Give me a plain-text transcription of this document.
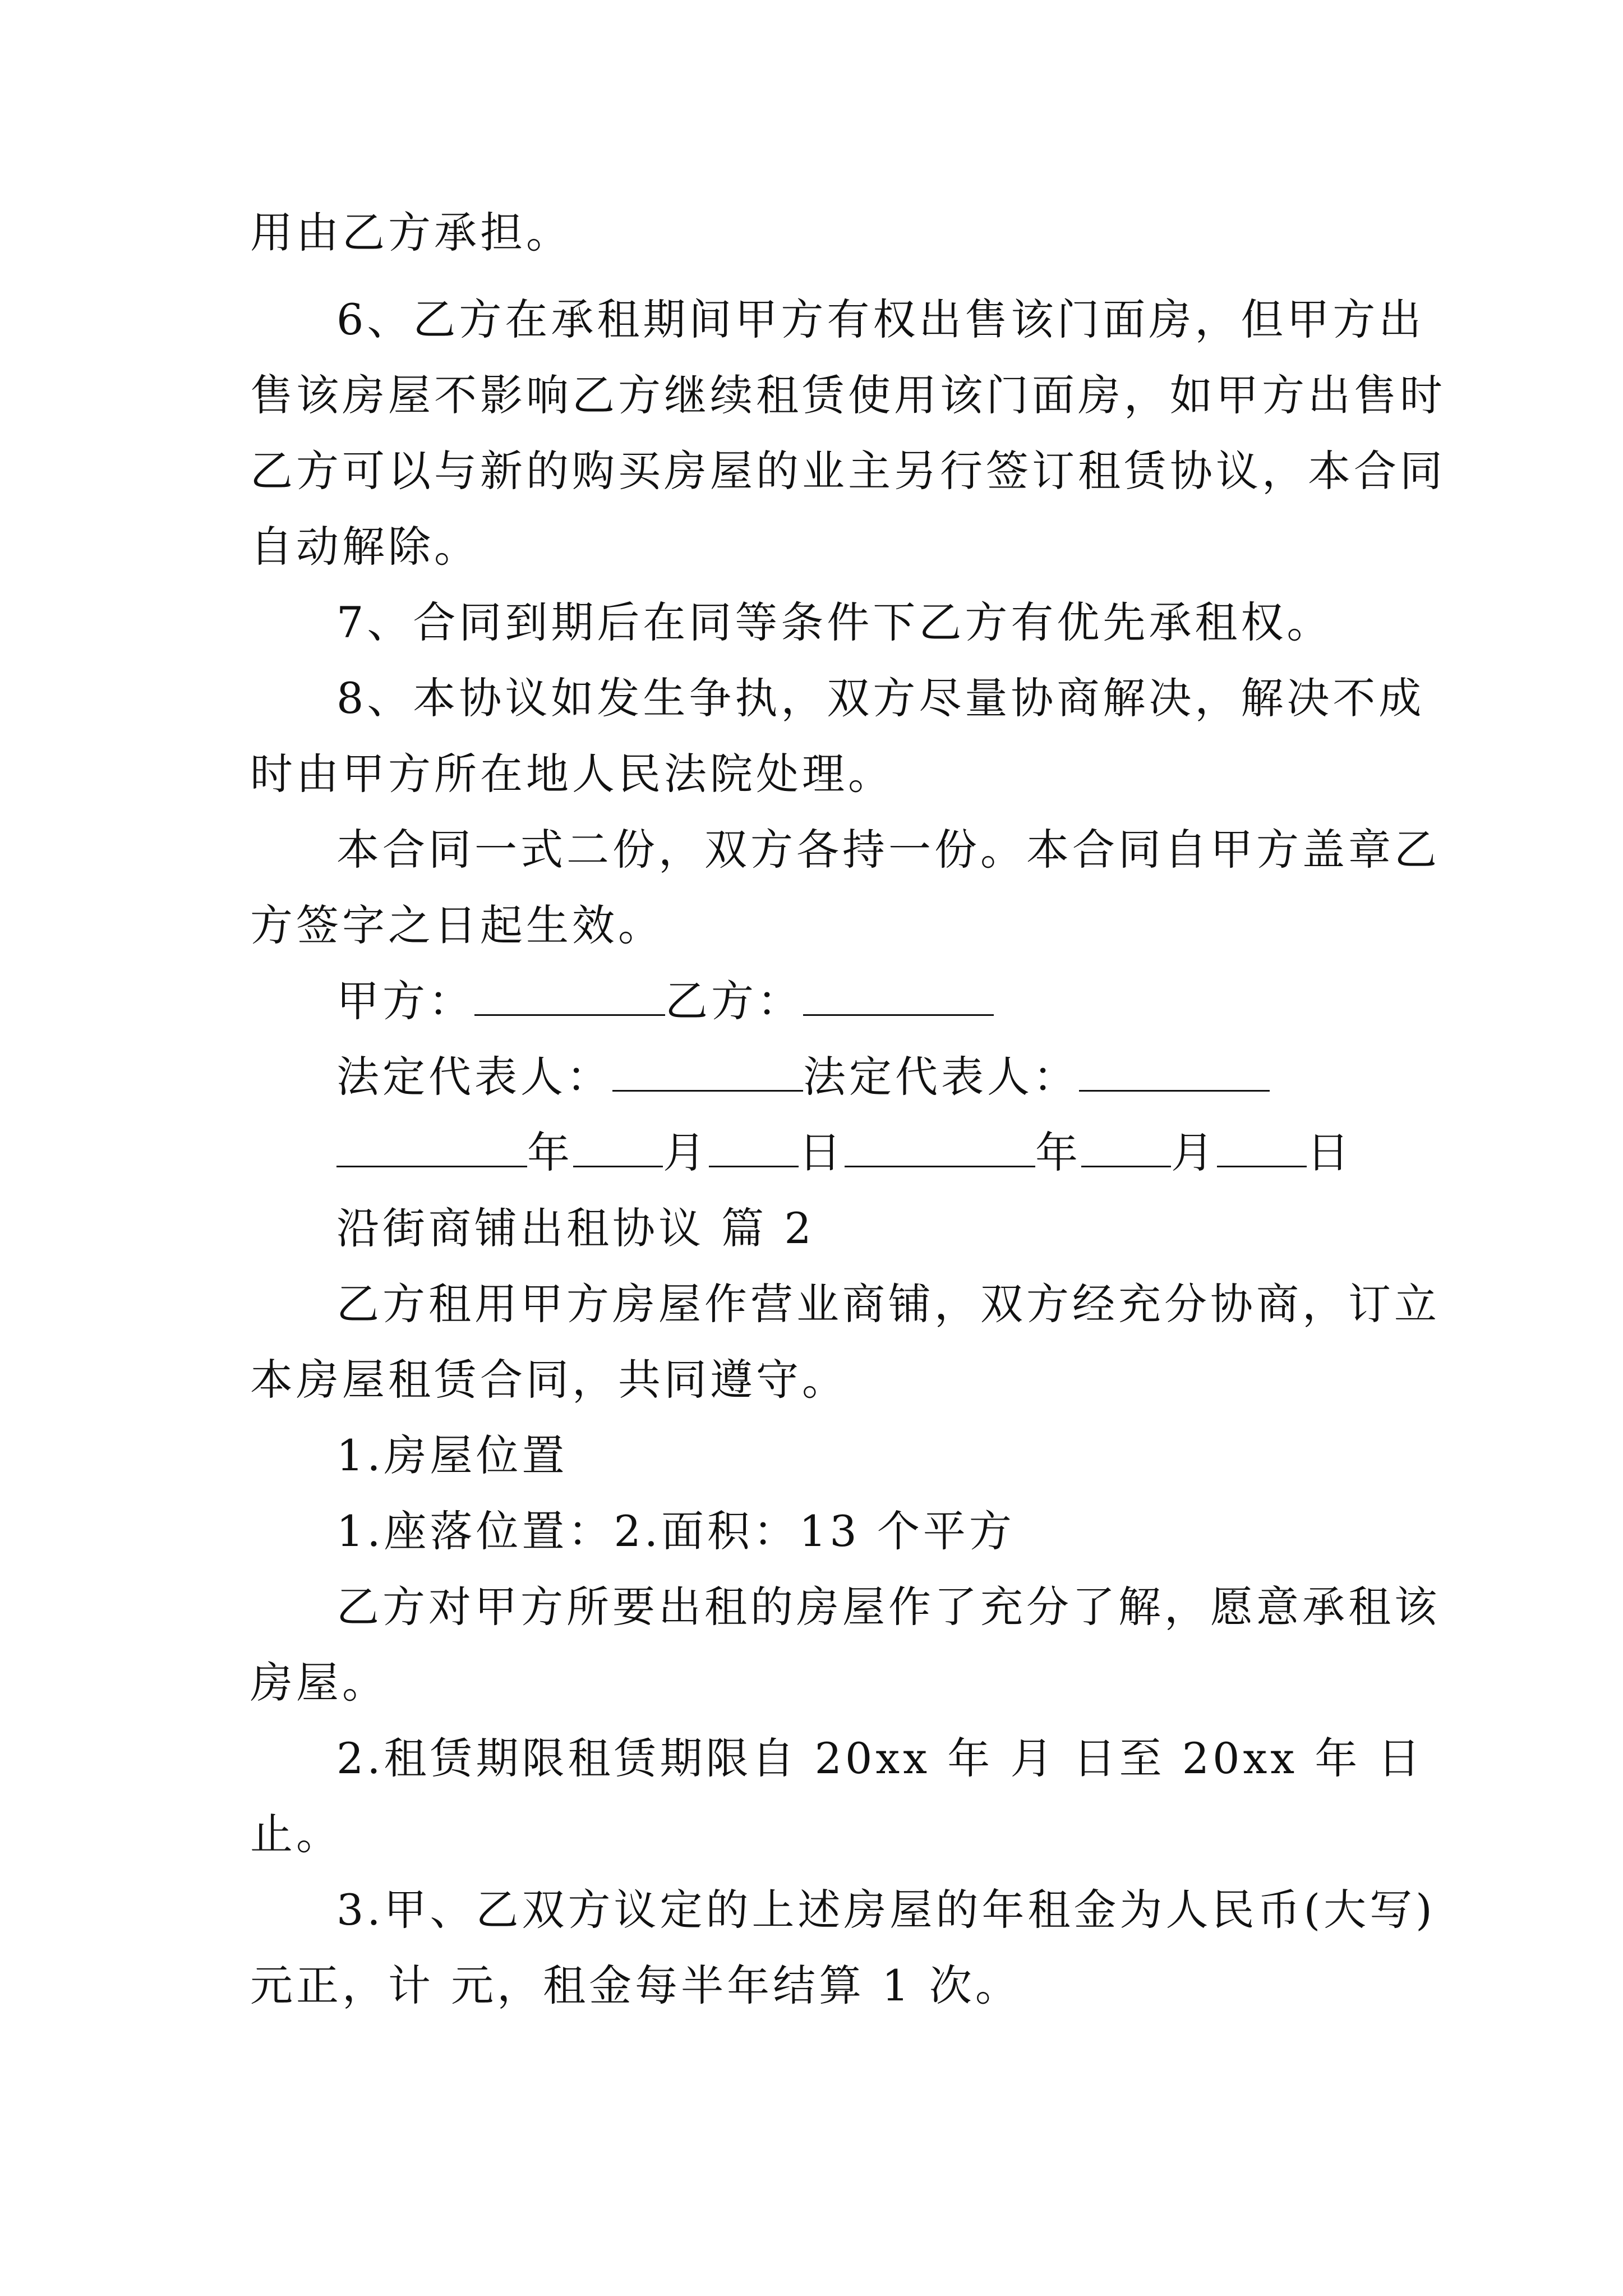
用由乙方承担。
6、乙方在承租期间甲方有权出售该门面房，但甲方出
售该房屋不影响乙方继续租赁使用该门面房，如甲方出售时
乙方可以与新的购买房屋的业主另行签订租赁协议，本合同
自动解除。
7、合同到期后在同等条件下乙方有优先承租权。
8、本协议如发生争执，双方尽量协商解决，解决不成
时由甲方所在地人民法院处理。
本合同一式二份，双方各持一份。本合同自甲方盖章乙
方签字之日起生效。
甲方：	乙方：
法定代表人：	法定代表人：
年 月 日	年 月 日
沿街商铺出租协议 篇 2
乙方租用甲方房屋作营业商铺，双方经充分协商，订立
本房屋租赁合同，共同遵守。
1.房屋位置
1.座落位置：2.面积：13 个平方
乙方对甲方所要出租的房屋作了充分了解，愿意承租该
房屋。
2.租赁期限租赁期限自 20xx 年 月 日至 20xx 年 日
止。
3.甲、乙双方议定的上述房屋的年租金为人民币(大写)
元正，计 元，租金每半年结算 1 次。
